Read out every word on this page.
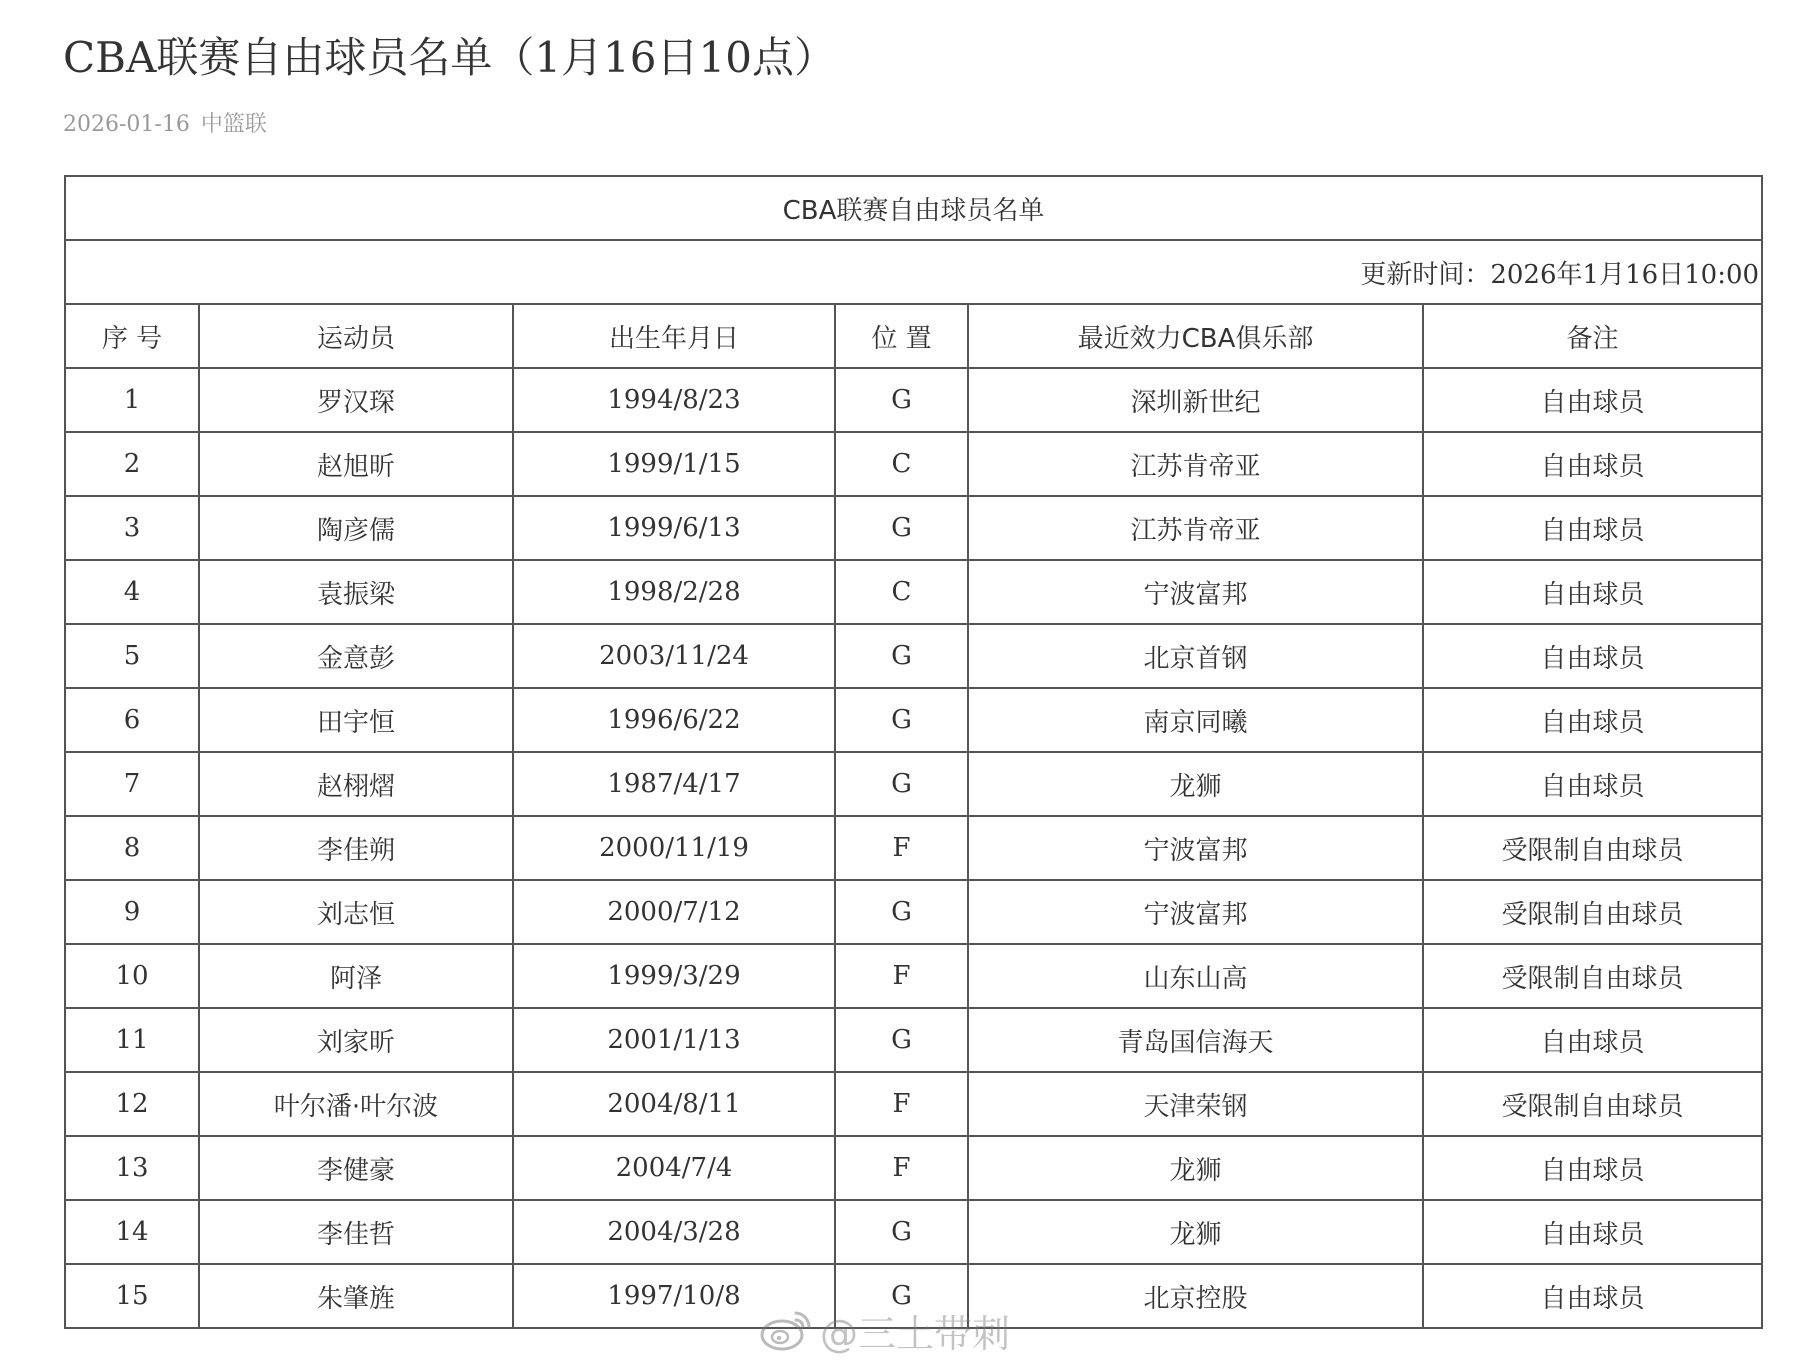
CBA联赛自由球员名单（1月16日10点）
2026-01-16 中篮联
CBA联赛自由球员名单					
更新时间：2026年1月16日10:00					
序 号	运动员	出生年月日	位 置	最近效力CBA俱乐部	备注
1	罗汉琛	1994/8/23	G	深圳新世纪	自由球员
2	赵旭昕	1999/1/15	C	江苏肯帝亚	自由球员
3	陶彦儒	1999/6/13	G	江苏肯帝亚	自由球员
4	袁振梁	1998/2/28	C	宁波富邦	自由球员
5	金意彭	2003/11/24	G	北京首钢	自由球员
6	田宇恒	1996/6/22	G	南京同曦	自由球员
7	赵栩熠	1987/4/17	G	龙狮	自由球员
8	李佳朔	2000/11/19	F	宁波富邦	受限制自由球员
9	刘志恒	2000/7/12	G	宁波富邦	受限制自由球员
10	阿泽	1999/3/29	F	山东山高	受限制自由球员
11	刘家昕	2001/1/13	G	青岛国信海天	自由球员
12	叶尔潘·叶尔波	2004/8/11	F	天津荣钢	受限制自由球员
13	李健豪	2004/7/4	F	龙狮	自由球员
14	李佳哲	2004/3/28	G	龙狮	自由球员
15	朱肇旌	1997/10/8	G	北京控股	自由球员
@三土带刺
